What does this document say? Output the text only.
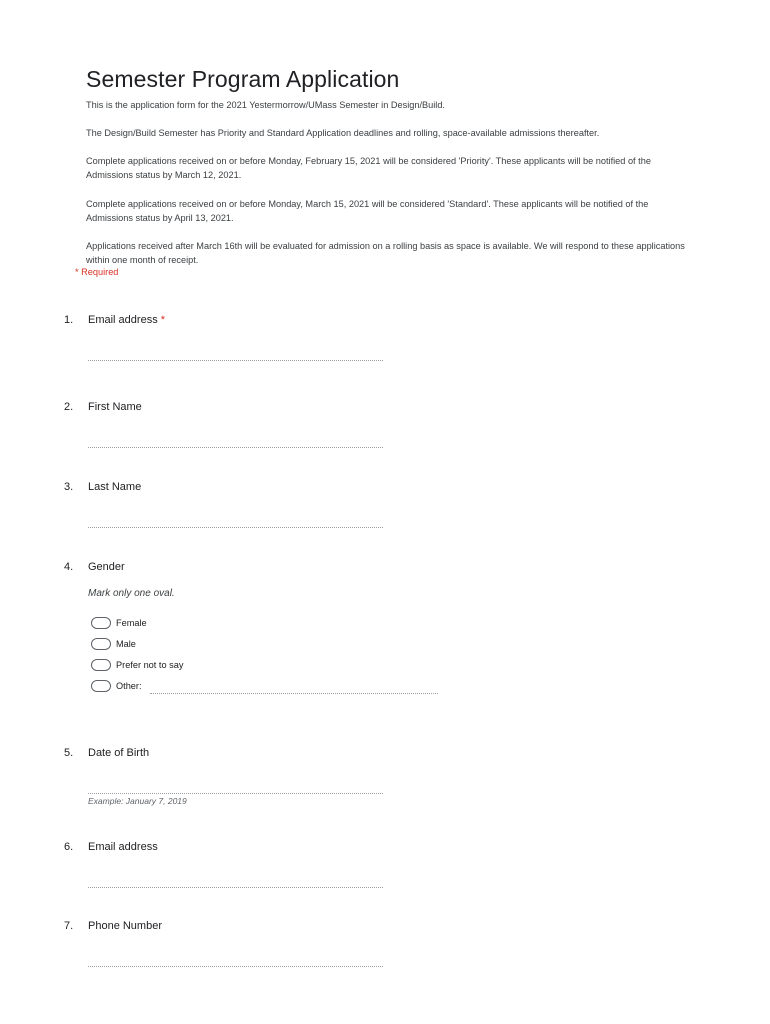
Semester Program Application

This is the application form for the 2021 Yestermorrow/UMass Semester in Design/Build.

The Design/Build Semester has Priority and Standard Application deadlines and rolling, space-available admissions thereafter.

Complete applications received on or before Monday, February 15, 2021 will be considered 'Priority'. These applicants will be notified of the Admissions status by March 12, 2021.

Complete applications received on or before Monday, March 15, 2021 will be considered 'Standard'. These applicants will be notified of the Admissions status by April 13, 2021.

Applications received after March 16th will be evaluated for admission on a rolling basis as space is available. We will respond to these applications within one month of receipt.

* Required
1. Email address *
2. First Name
3. Last Name
4. Gender
Mark only one oval.
Female
Male
Prefer not to say
Other:
5. Date of Birth
Example: January 7, 2019
6. Email address
7. Phone Number
